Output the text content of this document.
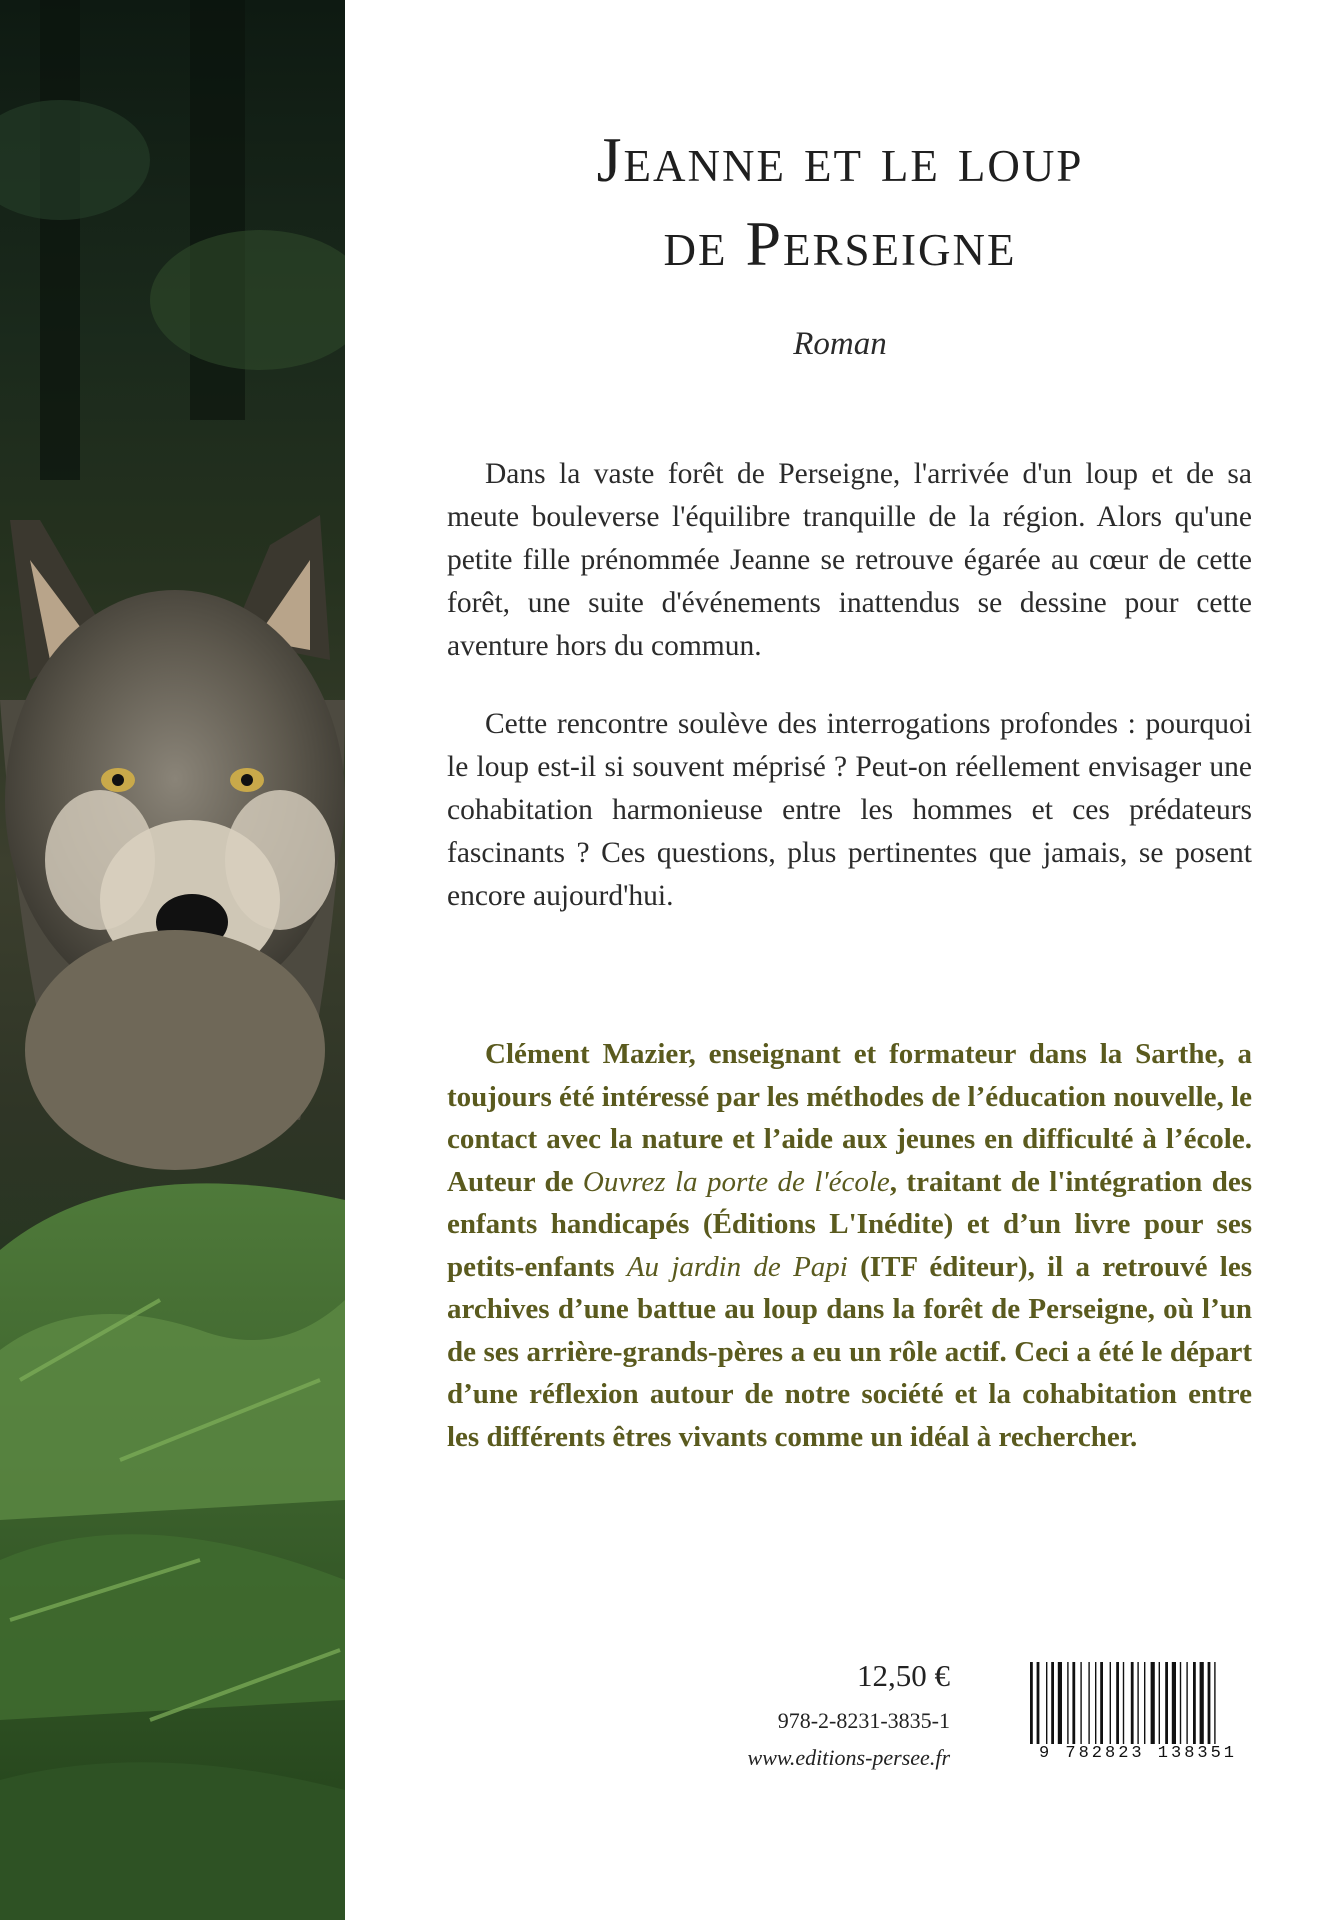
Jeanne et le loup
de Perseigne
Roman
Dans la vaste forêt de Perseigne, l'arrivée d'un loup et de sa meute bouleverse l'équilibre tranquille de la région. Alors qu'une petite fille prénommée Jeanne se retrouve égarée au cœur de cette forêt, une suite d'événements inattendus se dessine pour cette aventure hors du commun.
Cette rencontre soulève des interrogations profondes : pourquoi le loup est-il si souvent méprisé ? Peut-on réellement envisager une cohabitation harmonieuse entre les hommes et ces prédateurs fascinants ? Ces questions, plus pertinentes que jamais, se posent encore aujourd'hui.
Clément Mazier, enseignant et formateur dans la Sarthe, a toujours été intéressé par les méthodes de l’éducation nouvelle, le contact avec la nature et l’aide aux jeunes en difficulté à l’école. Auteur de Ouvrez la porte de l'école, traitant de l'intégration des enfants handicapés (Éditions L'Inédite) et d’un livre pour ses petits-enfants Au jardin de Papi (ITF éditeur), il a retrouvé les archives d’une battue au loup dans la forêt de Perseigne, où l’un de ses arrière-grands-pères a eu un rôle actif. Ceci a été le départ d’une réflexion autour de notre société et la cohabitation entre les différents êtres vivants comme un idéal à rechercher.
12,50 €
978-2-8231-3835-1
www.editions-persee.fr	9 782823 138351
